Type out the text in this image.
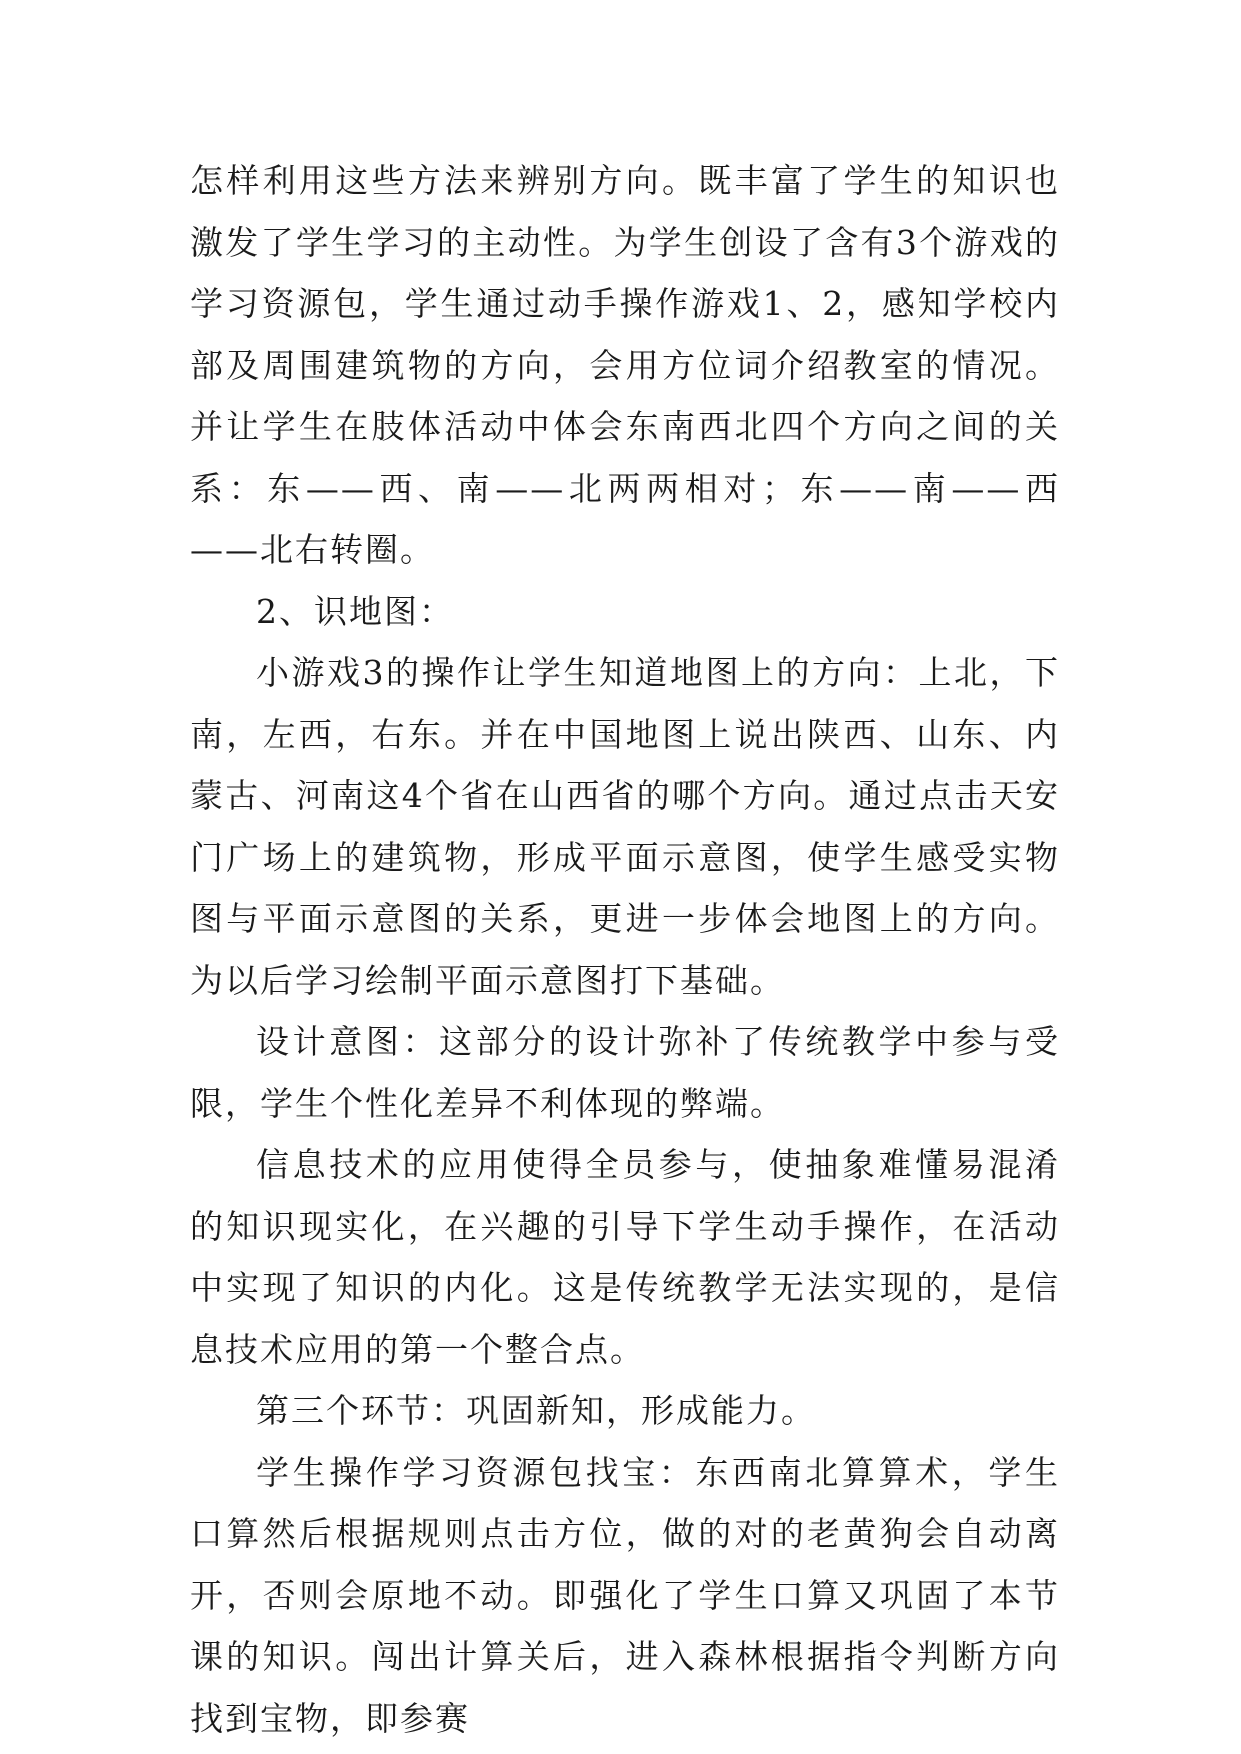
怎样利用这些方法来辨别方向。既丰富了学生的知识也激发了学生学习的主动性。为学生创设了含有3个游戏的学习资源包，学生通过动手操作游戏1、2，感知学校内部及周围建筑物的方向，会用方位词介绍教室的情况。并让学生在肢体活动中体会东南西北四个方向之间的关系：东——西、南——北两两相对；东——南——西——北右转圈。

2、识地图：

小游戏3的操作让学生知道地图上的方向：上北，下南，左西，右东。并在中国地图上说出陕西、山东、内蒙古、河南这4个省在山西省的哪个方向。通过点击天安门广场上的建筑物，形成平面示意图，使学生感受实物图与平面示意图的关系，更进一步体会地图上的方向。为以后学习绘制平面示意图打下基础。

设计意图：这部分的设计弥补了传统教学中参与受限，学生个性化差异不利体现的弊端。

信息技术的应用使得全员参与，使抽象难懂易混淆的知识现实化，在兴趣的引导下学生动手操作，在活动中实现了知识的内化。这是传统教学无法实现的，是信息技术应用的第一个整合点。

第三个环节：巩固新知，形成能力。

学生操作学习资源包找宝：东西南北算算术，学生口算然后根据规则点击方位，做的对的老黄狗会自动离开，否则会原地不动。即强化了学生口算又巩固了本节课的知识。闯出计算关后，进入森林根据指令判断方向找到宝物，即参赛
